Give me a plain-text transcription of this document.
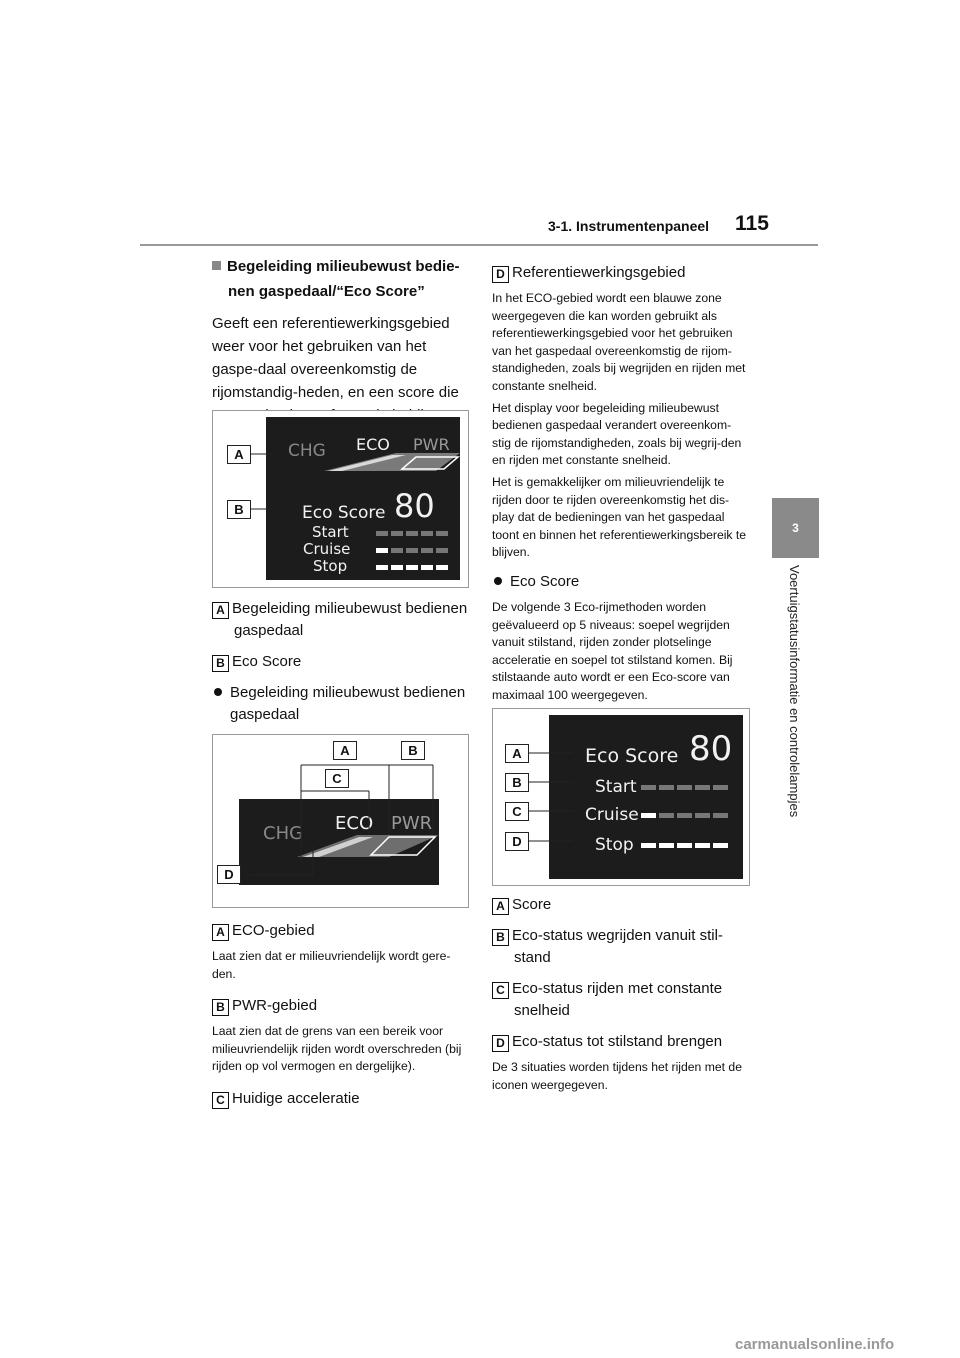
3-1. Instrumentenpaneel 115
3
Voertuigstatusinformatie en controlelampjes
Begeleiding milieubewust bedie-
nen gaspedaal/“Eco Score”
Geeft een referentiewerkingsgebied weer voor het gebruiken van het gaspe-daal overeenkomstig de rijomstandig-heden, en een score die
CHG ECO PWR
Eco Score 80
Start
Cruise
Stop
A
B
A Begeleiding milieubewust bedienen
gaspedaal
B Eco Score
Begeleiding milieubewust bedienen
gaspedaal
CHG ECO PWR
A	B
C
D
A ECO-gebied
Laat zien dat er milieuvriendelijk wordt gere-den.
B PWR-gebied
Laat zien dat de grens van een bereik voor milieuvriendelijk rijden wordt overschreden (bij rijden op vol vermogen en dergelijke).
C Huidige acceleratie
D Referentiewerkingsgebied
In het ECO-gebied wordt een blauwe zone weergegeven die kan worden gebruikt als referentiewerkingsgebied voor het gebruiken van het gaspedaal overeenkomstig de rijom-standigheden, zoals bij wegrijden en rijden met constante snelheid.
Het display voor begeleiding milieubewust bedienen gaspedaal verandert overeenkom-stig de rijomstandigheden, zoals bij wegrij-den en rijden met constante snelheid.
Het is gemakkelijker om milieuvriendelijk te rijden door te rijden overeenkomstig het dis-play dat de bedieningen van het gaspedaal toont en binnen het referentiewerkingsbereik te blijven.
Eco Score
De volgende 3 Eco-rijmethoden worden geëvalueerd op 5 niveaus: soepel wegrijden vanuit stilstand, rijden zonder plotselinge acceleratie en soepel tot stilstand komen. Bij stilstaande auto wordt er een Eco-score van maximaal 100 weergegeven.
Eco Score 80
Start
Cruise
Stop
A
B
C
D
A Score
B Eco-status wegrijden vanuit stil-
stand
C Eco-status rijden met constante
snelheid
D Eco-status tot stilstand brengen
De 3 situaties worden tijdens het rijden met de iconen weergegeven.
carmanualsonline.info
